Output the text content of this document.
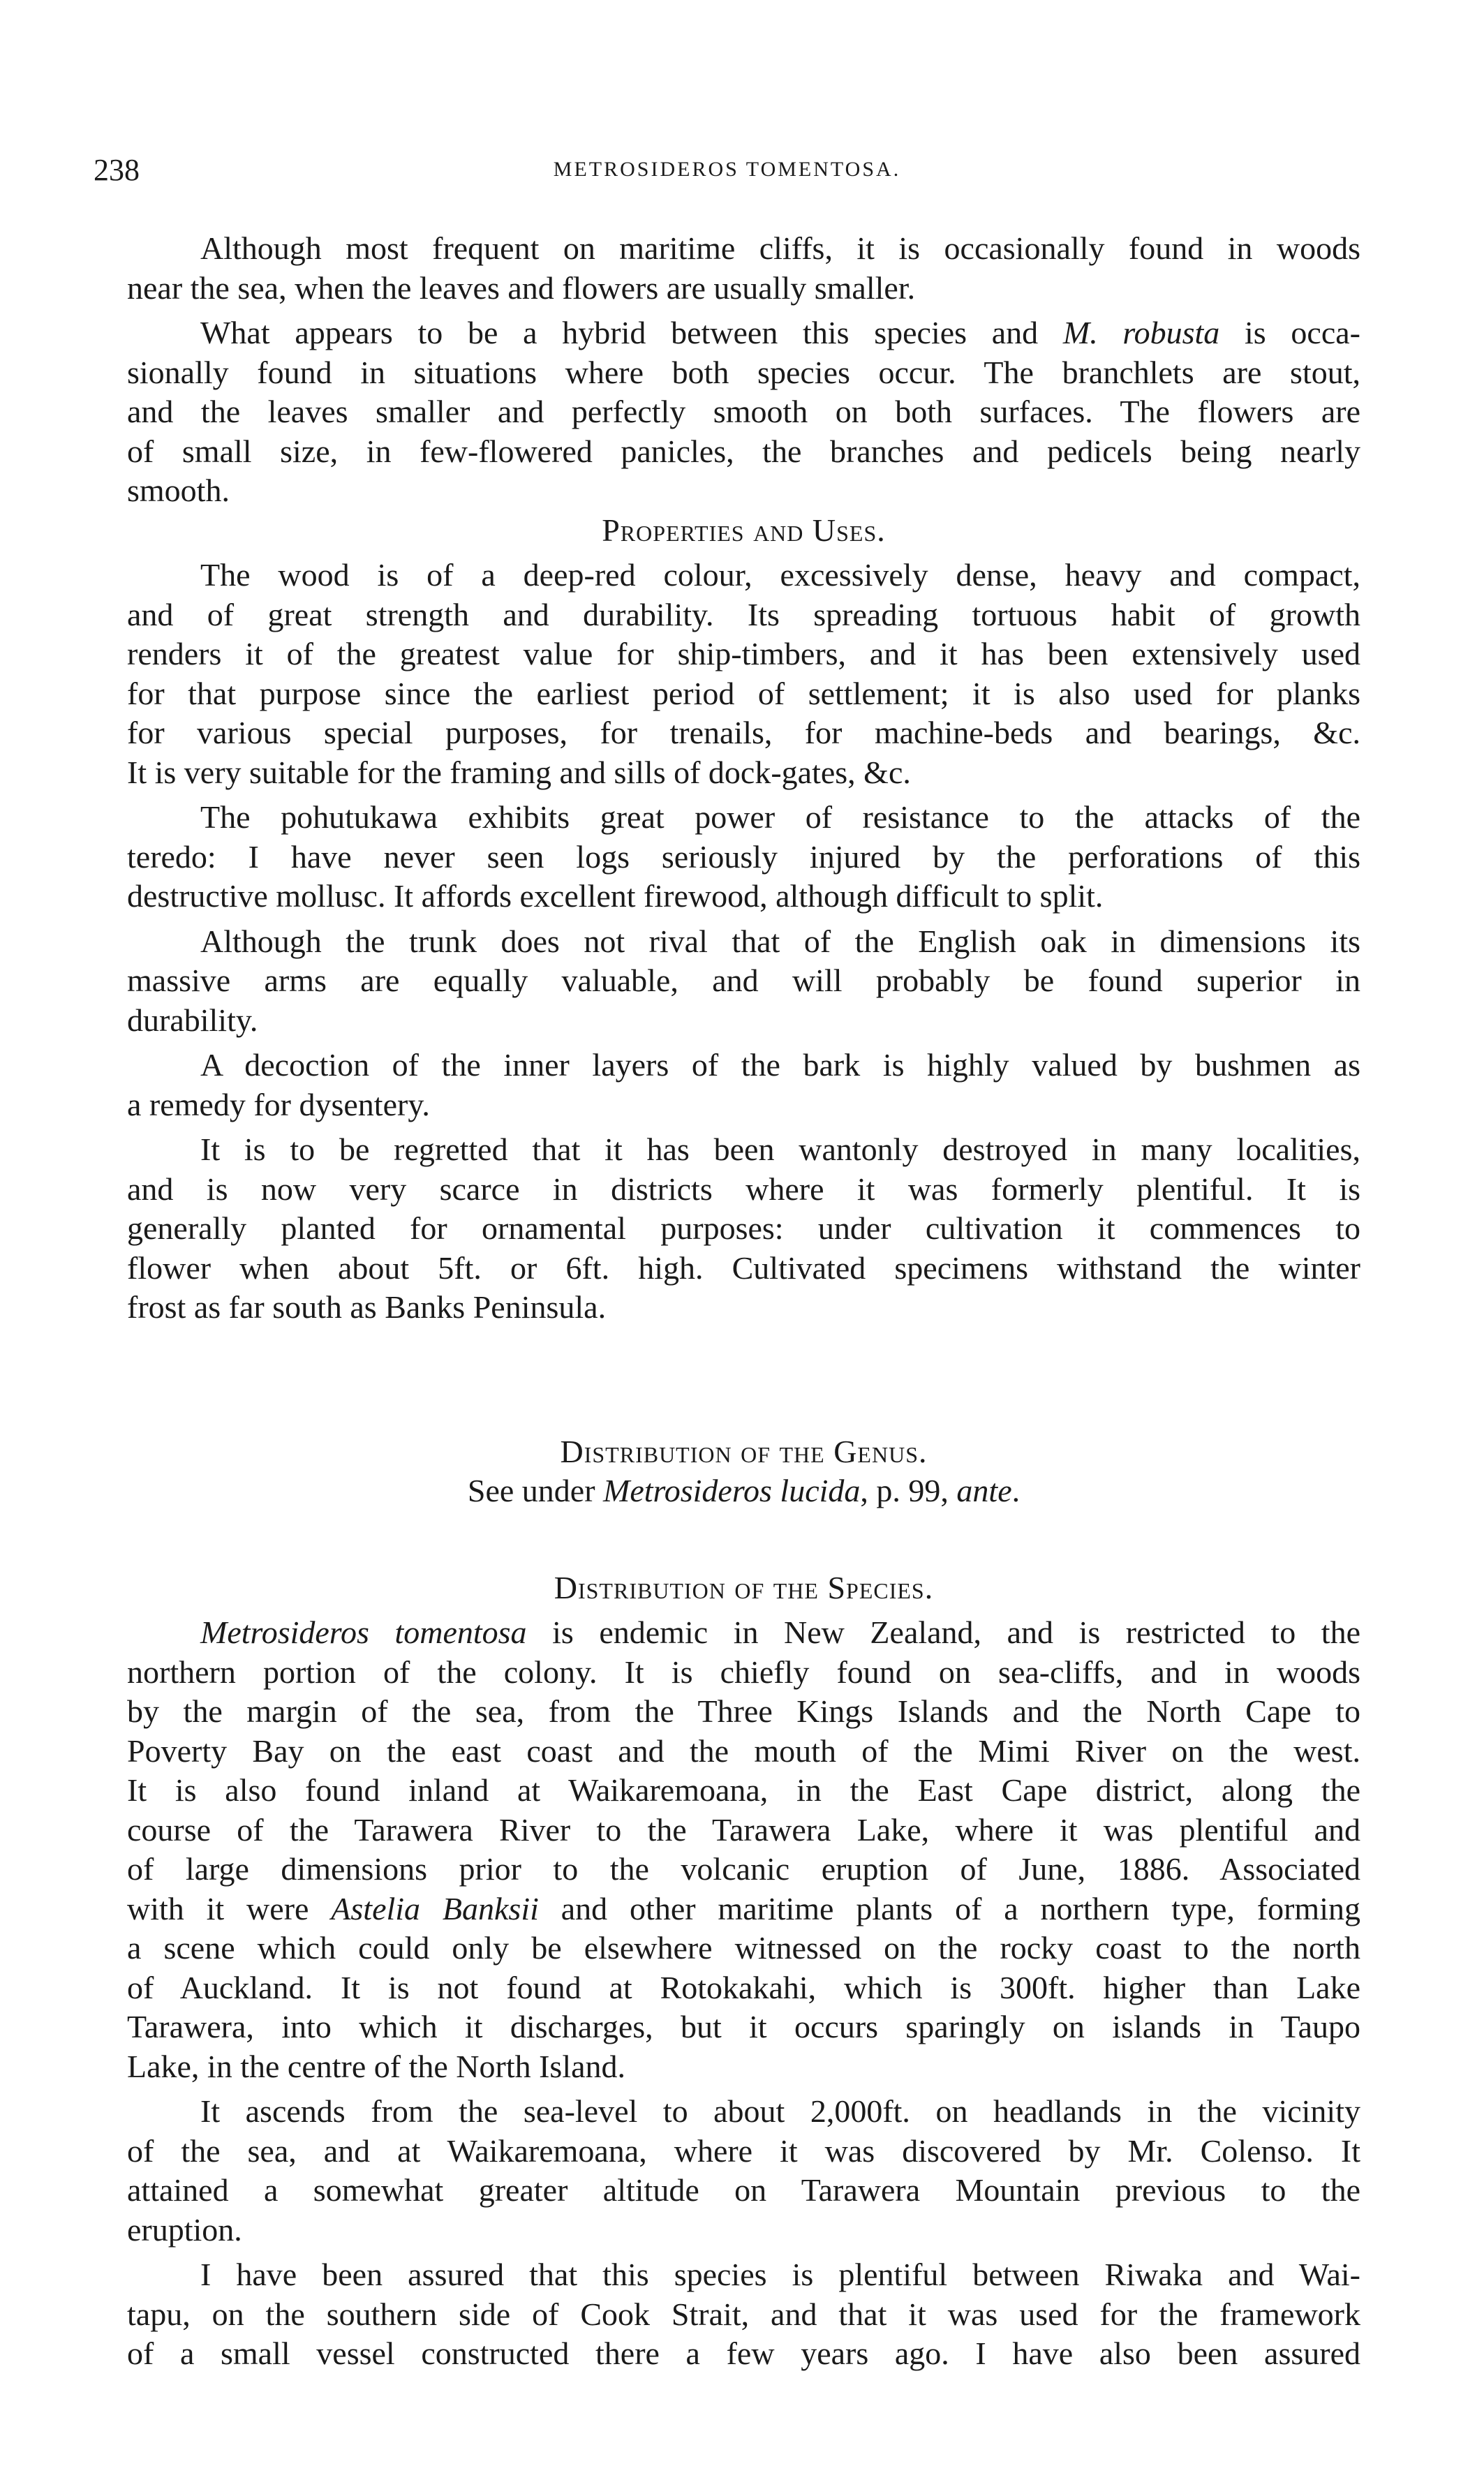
238	METROSIDEROS TOMENTOSA.
Although most frequent on maritime cliffs, it is occasionally found in woods
near the sea, when the leaves and flowers are usually smaller.
What appears to be a hybrid between this species and M. robusta is occa-
sionally found in situations where both species occur. The branchlets are stout,
and the leaves smaller and perfectly smooth on both surfaces. The flowers are
of small size, in few-flowered panicles, the branches and pedicels being nearly
smooth.
Properties and Uses.
The wood is of a deep-red colour, excessively dense, heavy and compact,
and of great strength and durability. Its spreading tortuous habit of growth
renders it of the greatest value for ship-timbers, and it has been extensively used
for that purpose since the earliest period of settlement; it is also used for planks
for various special purposes, for trenails, for machine-beds and bearings, &c.
It is very suitable for the framing and sills of dock-gates, &c.
The pohutukawa exhibits great power of resistance to the attacks of the
teredo: I have never seen logs seriously injured by the perforations of this
destructive mollusc. It affords excellent firewood, although difficult to split.
Although the trunk does not rival that of the English oak in dimensions its
massive arms are equally valuable, and will probably be found superior in
durability.
A decoction of the inner layers of the bark is highly valued by bushmen as
a remedy for dysentery.
It is to be regretted that it has been wantonly destroyed in many localities,
and is now very scarce in districts where it was formerly plentiful. It is
generally planted for ornamental purposes: under cultivation it commences to
flower when about 5ft. or 6ft. high. Cultivated specimens withstand the winter
frost as far south as Banks Peninsula.
Distribution of the Genus.
See under Metrosideros lucida, p. 99, ante.
Distribution of the Species.
Metrosideros tomentosa is endemic in New Zealand, and is restricted to the
northern portion of the colony. It is chiefly found on sea-cliffs, and in woods
by the margin of the sea, from the Three Kings Islands and the North Cape to
Poverty Bay on the east coast and the mouth of the Mimi River on the west.
It is also found inland at Waikaremoana, in the East Cape district, along the
course of the Tarawera River to the Tarawera Lake, where it was plentiful and
of large dimensions prior to the volcanic eruption of June, 1886. Associated
with it were Astelia Banksii and other maritime plants of a northern type, forming
a scene which could only be elsewhere witnessed on the rocky coast to the north
of Auckland. It is not found at Rotokakahi, which is 300ft. higher than Lake
Tarawera, into which it discharges, but it occurs sparingly on islands in Taupo
Lake, in the centre of the North Island.
It ascends from the sea-level to about 2,000ft. on headlands in the vicinity
of the sea, and at Waikaremoana, where it was discovered by Mr. Colenso. It
attained a somewhat greater altitude on Tarawera Mountain previous to the
eruption.
I have been assured that this species is plentiful between Riwaka and Wai-
tapu, on the southern side of Cook Strait, and that it was used for the framework
of a small vessel constructed there a few years ago. I have also been assured
